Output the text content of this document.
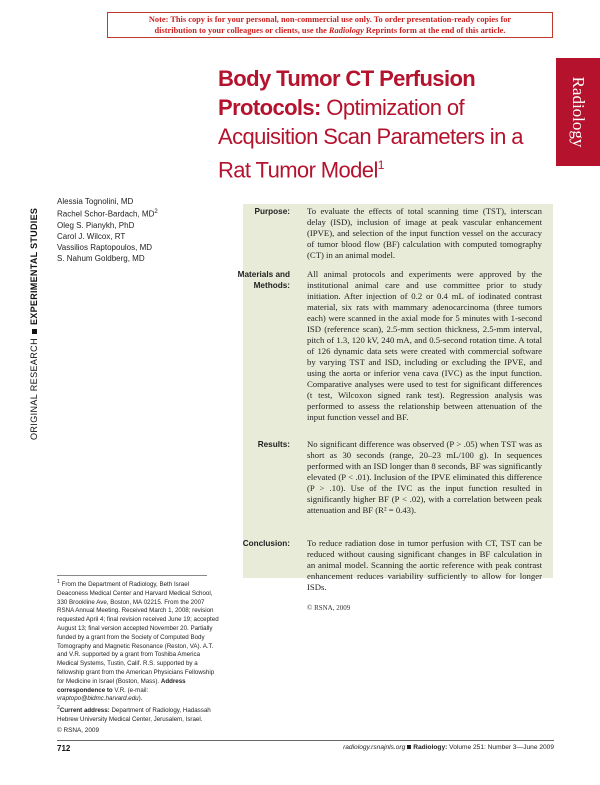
Note: This copy is for your personal, non-commercial use only. To order presentation-ready copies for
distribution to your colleagues or clients, use the Radiology Reprints form at the end of this article.
ORIGINAL RESEARCHEXPERIMENTAL STUDIES
Radiology
Body Tumor CT Perfusion Protocols: Optimization of Acquisition Scan Parameters in a Rat Tumor Model$^1$
Alessia Tognolini, MD
Rachel Schor-Bardach, $MD^2$
Oleg S. Pianykh, PhD
Carol J. Wilcox, RT
Vassilios Raptopoulos, MD
S. Nahum Goldberg, MD
Purpose: To evaluate the effects of total scanning time (TST), interscan delay (ISD), inclusion of image at peak vascular enhancement (IPVE), and selection of the input function vessel on the accuracy of tumor blood flow (BF) calculation with computed tomography (CT) in an animal model.
Materials and Methods:
All animal protocols and experiments were approved by the institutional animal care and use committee prior to study initiation. After injection of 0.2 or 0.4 mL of iodinated contrast material, six rats with mammary adenocarcinoma (three tumors each) were scanned in the axial mode for 5 minutes with 1-second ISD (reference scan), 2.5-mm section thickness, 2.5-mm interval, pitch of 1.3, 120 kV, 240 mA, and 0.5-second rotation time. A total of 126 dynamic data sets were created with commercial software by varying TST and ISD, including or excluding the IPVE, and using the aorta or inferior vena cava (IVC) as the input function. Comparative analyses were used to test for significant differences (t test, Wilcoxon signed rank test). Regression analysis was performed to assess the relationship between attenuation of the input function vessel and BF.
Results: No significant difference was observed (P > .05) when TST was as short as 30 seconds (range, 20–23 mL/100 g). In sequences performed with an ISD longer than 8 seconds, BF was significantly elevated (P < .01). Inclusion of the IPVE eliminated this difference (P > .10). Use of the IVC as the input function resulted in significantly higher BF (P < .02), with a correlation between peak attenuation and BF (R² = 0.43).
Conclusion: To reduce radiation dose in tumor perfusion with CT, TST can be reduced without causing significant changes in BF calculation in an animal model. Scanning the aortic reference with peak contrast enhancement reduces variability sufficiently to allow for longer ISDs.
© RSNA, 2009

$^1$ From the Department of Radiology, Beth Israel Deaconess Medical Center and Harvard Medical School, 330 Brookline Ave, Boston, MA 02215. From the 2007 RSNA Annual Meeting. Received March 1, 2008; revision requested April 4; final revision received June 19; accepted August 13; final version accepted November 20. Partially funded by a grant from the Society of Computed Body Tomography and Magnetic Resonance (Reston, VA). A.T. and V.R. supported by a grant from Toshiba America Medical Systems, Tustin, Calif. R.S. supported by a fellowship grant from the American Physicians Fellowship for Medicine in Israel (Boston, Mass). Address correspondence to V.R. (e-mail: vraptopo@bidmc.harvard.edu).

$^2$Current address: Department of Radiology, Hadassah Hebrew University Medical Center, Jerusalem, Israel.

© RSNA, 2009
712	radiology.rsnajnls.org Radiology: Volume 251: Number 3—June 2009
